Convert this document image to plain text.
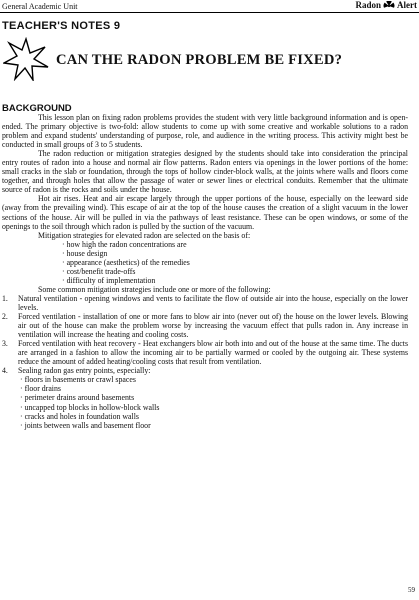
General Academic Unit	Radon Alert
TEACHER'S NOTES 9
CAN THE RADON PROBLEM BE FIXED?
BACKGROUND

This lesson plan on fixing radon problems provides the student with very little background information and is open-ended. The primary objective is two-fold: allow students to come up with some creative and workable solutions to a radon problem and expand students' understanding of purpose, role, and audience in the writing process. This activity might best be conducted in small groups of 3 to 5 students.

The radon reduction or mitigation strategies designed by the students should take into consideration the principal entry routes of radon into a house and normal air flow patterns. Radon enters via openings in the lower portions of the home: small cracks in the slab or foundation, through the tops of hollow cinder-block walls, at the joints where walls and floors come together, and through holes that allow the passage of water or sewer lines or electrical conduits. Remember that the ultimate source of radon is the rocks and soils under the house.

Hot air rises. Heat and air escape largely through the upper portions of the house, especially on the leeward side (away from the prevailing wind). This escape of air at the top of the house causes the creation of a slight vacuum in the lower sections of the house. Air will be pulled in via the pathways of least resistance. These can be open windows, or some of the openings to the soil through which radon is pulled by the suction of the vacuum.

Mitigation strategies for elevated radon are selected on the basis of:

· how high the radon concentrations are
· house design
· appearance (aesthetics) of the remedies
· cost/benefit trade-offs
· difficulty of implementation

Some common mitigation strategies include one or more of the following:

1.	Natural ventilation - opening windows and vents to facilitate the flow of outside air into the house, especially on the lower levels.
2.	Forced ventilation - installation of one or more fans to blow air into (never out of) the house on the lower levels. Blowing air out of the house can make the problem worse by increasing the vacuum effect that pulls radon in. Any increase in ventilation will increase the heating and cooling costs.
3.	Forced ventilation with heat recovery - Heat exchangers blow air both into and out of the house at the same time. The ducts are arranged in a fashion to allow the incoming air to be partially warmed or cooled by the outgoing air. These systems reduce the amount of added heating/cooling costs that result from ventilation.
4.	Sealing radon gas entry points, especially:
· floors in basements or crawl spaces
· floor drains
· perimeter drains around basements
· uncapped top blocks in hollow-block walls
· cracks and holes in foundation walls
· joints between walls and basement floor
59
